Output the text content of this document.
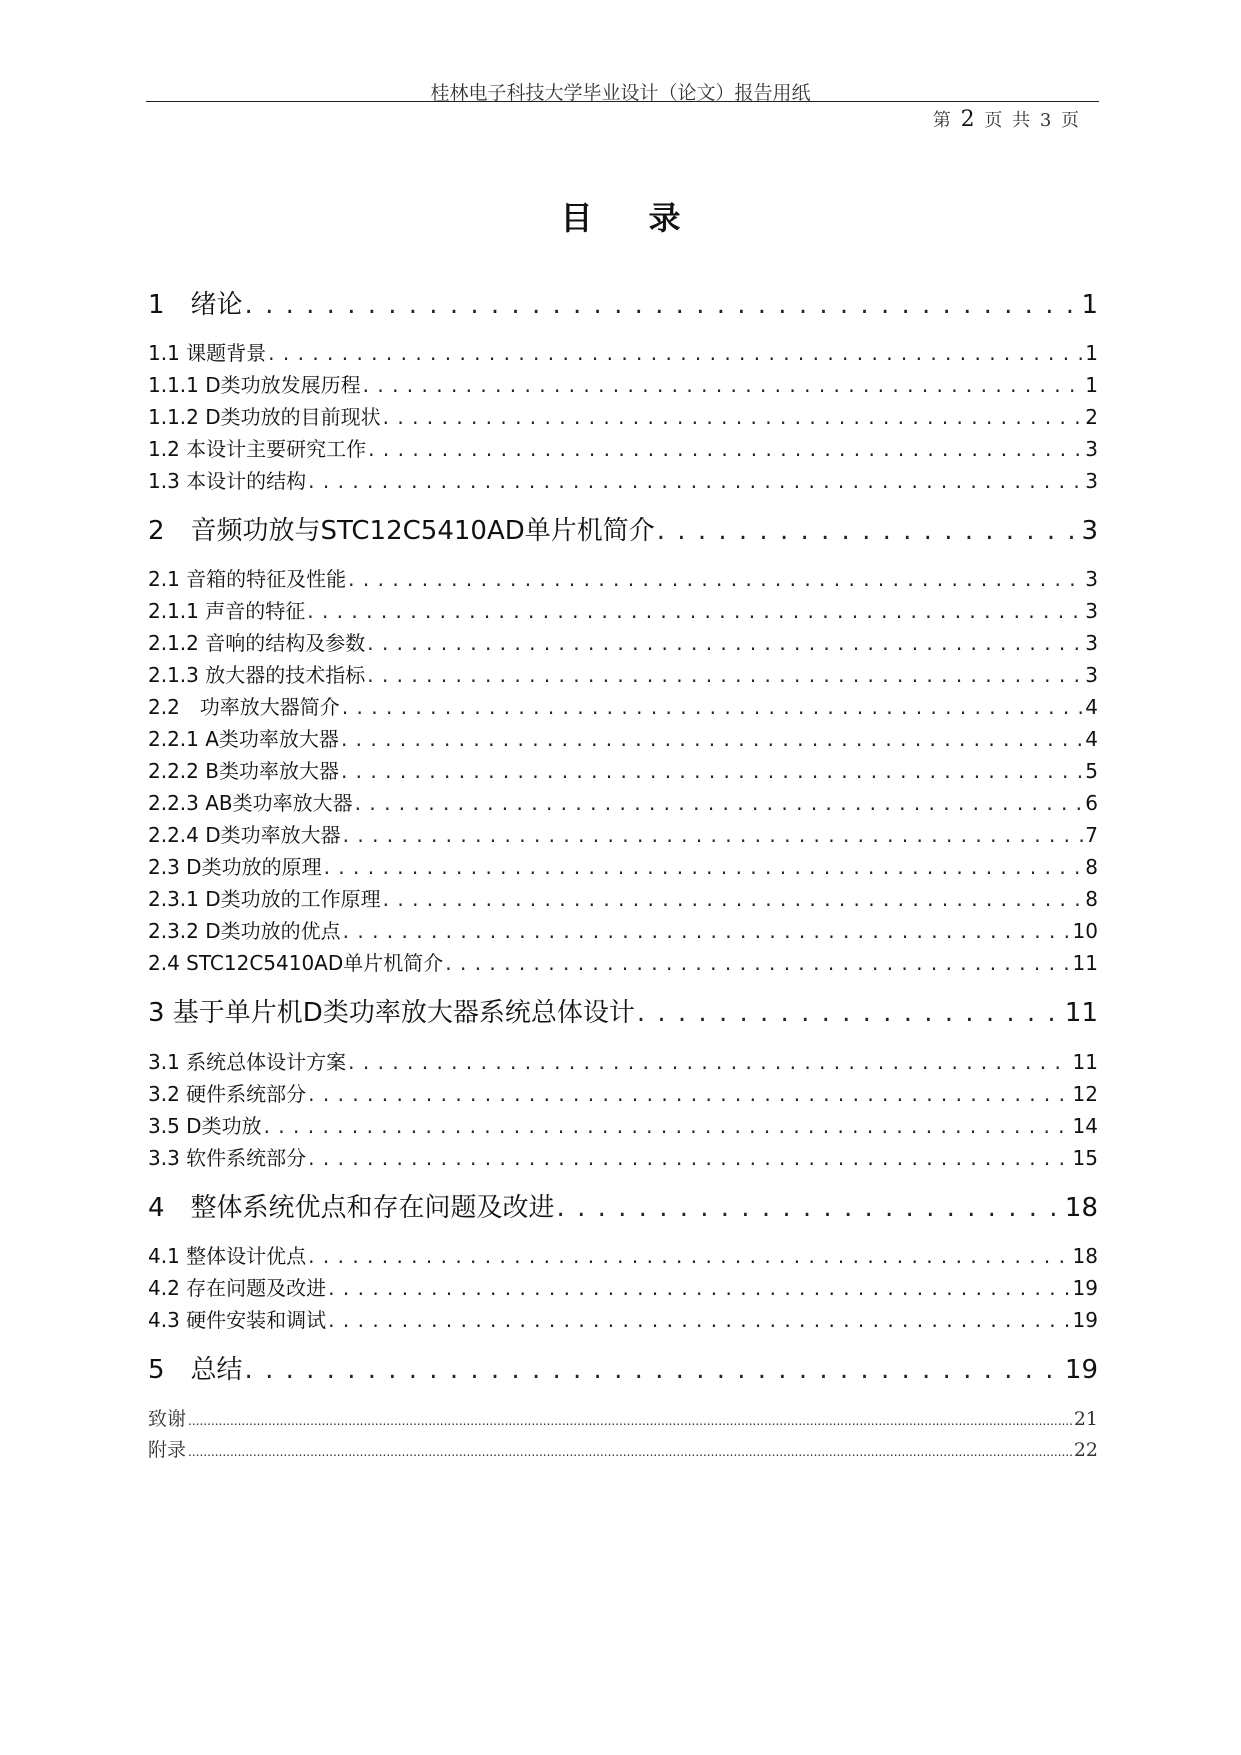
桂林电子科技大学毕业设计（论文）报告用纸
第 2 页 共 3 页
目录
1　绪论 . . .	1
1.1 课题背景 . . .	1
1.1.1 D类功放发展历程 . . .	1
1.1.2 D类功放的目前现状 . . .	2
1.2 本设计主要研究工作 . . .	3
1.3 本设计的结构 . . .	3
2　音频功放与STC12C5410AD单片机简介 . . .	3
2.1 音箱的特征及性能 . . .	3
2.1.1 声音的特征 . . .	3
2.1.2 音响的结构及参数 . . .	3
2.1.3 放大器的技术指标 . . .	3
2.2　功率放大器简介 . . .	4
2.2.1 A类功率放大器 . . .	4
2.2.2 B类功率放大器 . . .	5
2.2.3 AB类功率放大器 . . .	6
2.2.4 D类功率放大器 . . .	7
2.3 D类功放的原理 . . .	8
2.3.1 D类功放的工作原理 . . .	8
2.3.2 D类功放的优点 . . .	10
2.4 STC12C5410AD单片机简介 . . .	11
3 基于单片机D类功率放大器系统总体设计 . . .	11
3.1 系统总体设计方案 . . .	11
3.2 硬件系统部分 . . .	12
3.5 D类功放 . . .	14
3.3 软件系统部分 . . .	15
4　整体系统优点和存在问题及改进 . . .	18
4.1 整体设计优点 . . .	18
4.2 存在问题及改进 . . .	19
4.3 硬件安装和调试 . . .	19
5　总结 . . .	19
致谢 .....	21
附录 .....	22
